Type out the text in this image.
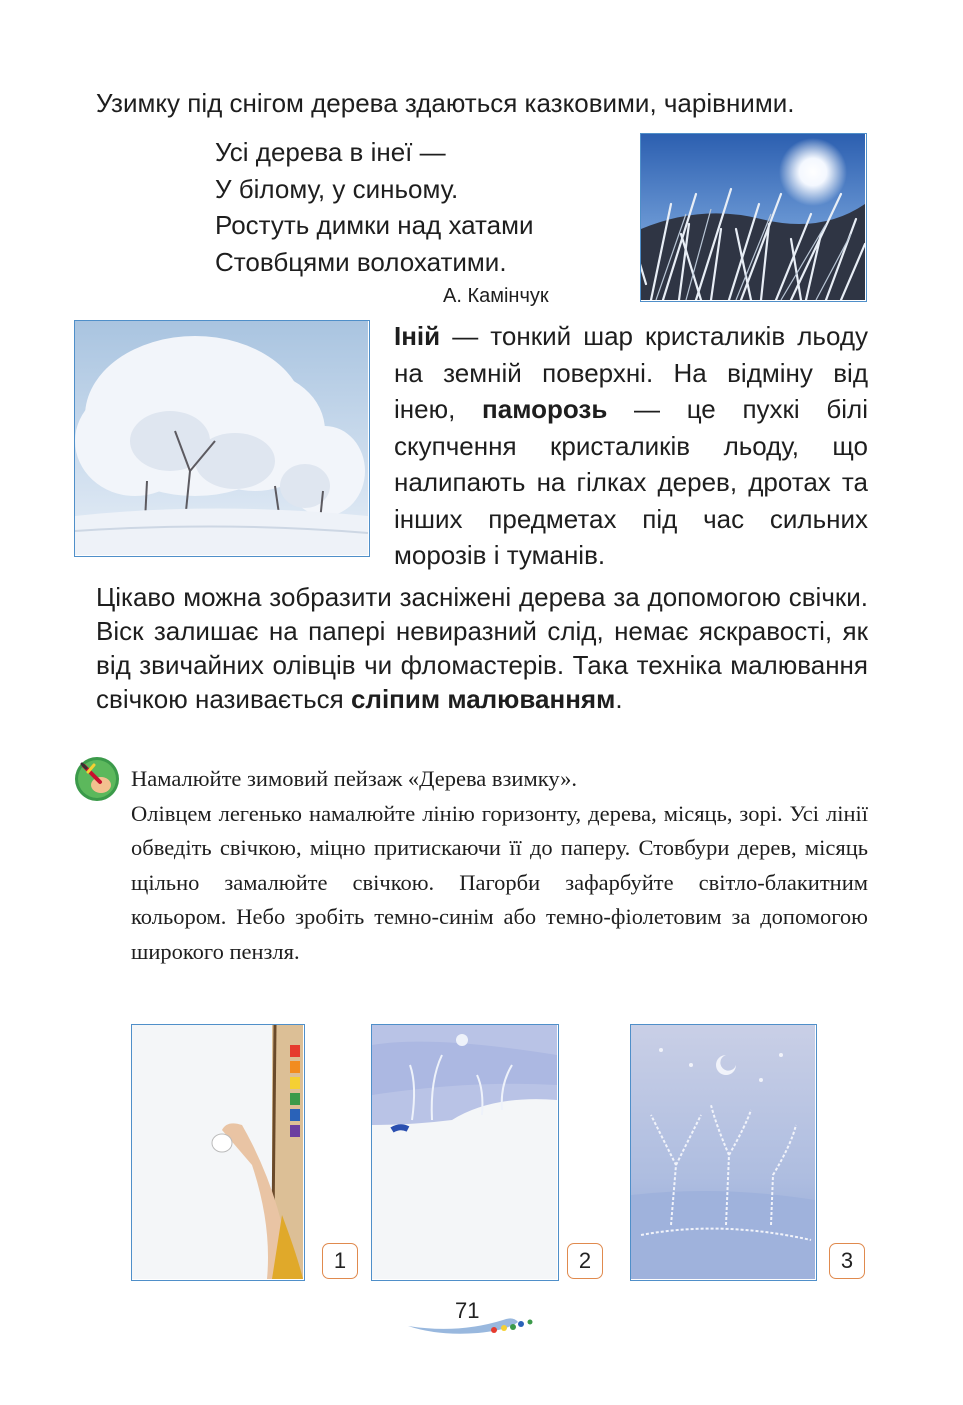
Узимку під снігом дерева здаються казковими, чарівними.
Усі дерева в інеї —
У білому, у синьому.
Ростуть димки над хатами
Стовбцями волохатими.
А. Камінчук
Іній — тонкий шар кристаликів льоду на земній поверхні. На відміну від інею, паморозь — це пухкі білі скупчення кристаликів льоду, що налипають на гілках дерев, дротах та інших предметах під час сильних морозів і туманів.
Цікаво можна зобразити засніжені дерева за допомогою свічки. Віск залишає на папері невиразний слід, немає яскравості, як від звичайних олівців чи фломастерів. Така техніка малювання свічкою називається сліпим малюванням.
Намалюйте зимовий пейзаж «Дерева взимку».
Олівцем легенько намалюйте лінію горизонту, дерева, місяць, зорі. Усі лінії обведіть свічкою, міцно притискаючи її до паперу. Стовбури дерев, місяць щільно замалюйте свічкою. Пагорби зафарбуйте світло-блакитним кольором. Небо зробіть темно-синім або темно-фіолетовим за допомогою широкого пензля.
1	2	3
71
